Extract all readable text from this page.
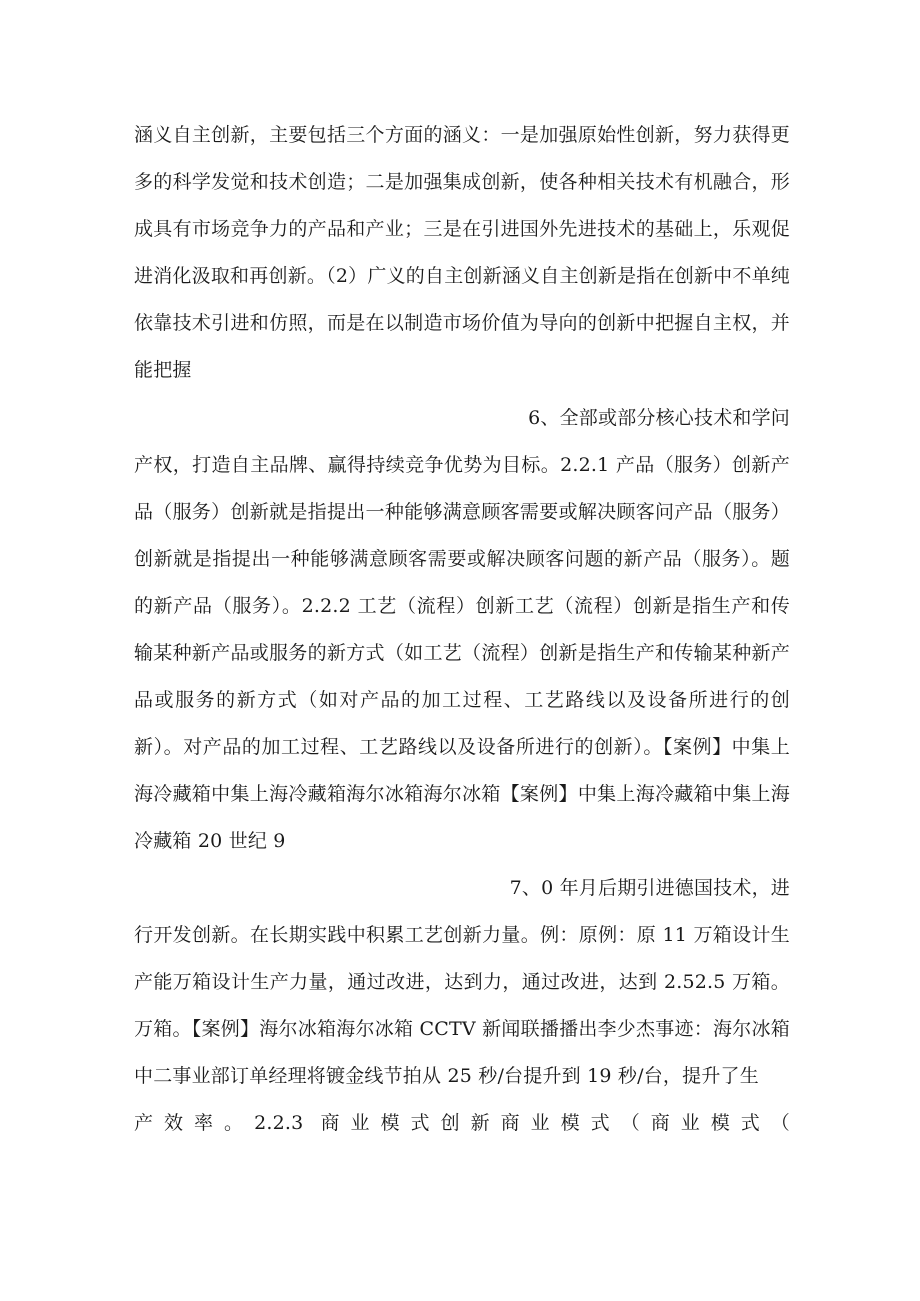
涵义自主创新，主要包括三个方面的涵义：一是加强原始性创新，努力获得更多的科学发觉和技术创造；二是加强集成创新，使各种相关技术有机融合，形成具有市场竞争力的产品和产业；三是在引进国外先进技术的基础上，乐观促进消化汲取和再创新。（2）广义的自主创新涵义自主创新是指在创新中不单纯依靠技术引进和仿照，而是在以制造市场价值为导向的创新中把握自主权，并能把握

6、全部或部分核心技术和学问

产权，打造自主品牌、赢得持续竞争优势为目标。2.2.1 产品（服务）创新产品（服务）创新就是指提出一种能够满意顾客需要或解决顾客问产品（服务）创新就是指提出一种能够满意顾客需要或解决顾客问题的新产品（服务）。题的新产品（服务）。2.2.2 工艺（流程）创新工艺（流程）创新是指生产和传输某种新产品或服务的新方式（如工艺（流程）创新是指生产和传输某种新产品或服务的新方式（如对产品的加工过程、工艺路线以及设备所进行的创新）。对产品的加工过程、工艺路线以及设备所进行的创新）。【案例】中集上海冷藏箱中集上海冷藏箱海尔冰箱海尔冰箱【案例】中集上海冷藏箱中集上海冷藏箱 20 世纪 9

7、0 年月后期引进德国技术，进

行开发创新。在长期实践中积累工艺创新力量。例：原例：原 11 万箱设计生产能万箱设计生产力量，通过改进，达到力，通过改进，达到 2.52.5 万箱。万箱。【案例】海尔冰箱海尔冰箱 CCTV 新闻联播播出李少杰事迹：海尔冰箱中二事业部订单经理将镀金线节拍从 25 秒/台提升到 19 秒/台，提升了生
产效率。2.2.3 商业模式创新商业模式（商业模式（
